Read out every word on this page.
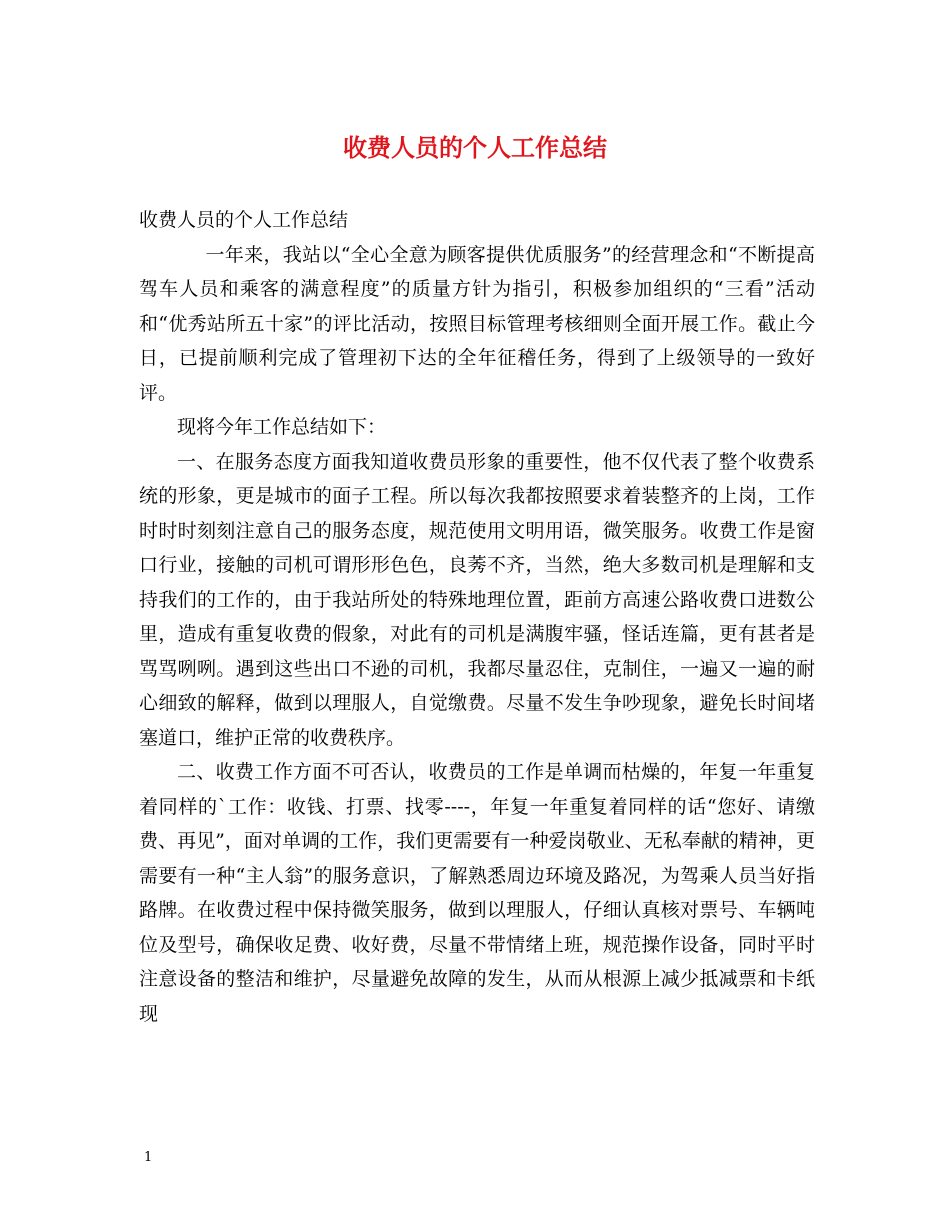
收费人员的个人工作总结

收费人员的个人工作总结

一年来，我站以“全心全意为顾客提供优质服务”的经营理念和“不断提高驾车人员和乘客的满意程度”的质量方针为指引，积极参加组织的“三看”活动和“优秀站所五十家”的评比活动，按照目标管理考核细则全面开展工作。截止今日，已提前顺利完成了管理初下达的全年征稽任务，得到了上级领导的一致好评。

现将今年工作总结如下：

一、在服务态度方面我知道收费员形象的重要性，他不仅代表了整个收费系统的形象，更是城市的面子工程。所以每次我都按照要求着装整齐的上岗，工作时时时刻刻注意自己的服务态度，规范使用文明用语，微笑服务。收费工作是窗口行业，接触的司机可谓形形色色，良莠不齐，当然，绝大多数司机是理解和支持我们的工作的，由于我站所处的特殊地理位置，距前方高速公路收费口进数公里，造成有重复收费的假象，对此有的司机是满腹牢骚，怪话连篇，更有甚者是骂骂咧咧。遇到这些出口不逊的司机，我都尽量忍住，克制住，一遍又一遍的耐心细致的解释，做到以理服人，自觉缴费。尽量不发生争吵现象，避免长时间堵塞道口，维护正常的收费秩序。

二、收费工作方面不可否认，收费员的工作是单调而枯燥的，年复一年重复着同样的`工作：收钱、打票、找零----，年复一年重复着同样的话“您好、请缴费、再见”，面对单调的工作，我们更需要有一种爱岗敬业、无私奉献的精神，更需要有一种“主人翁”的服务意识，了解熟悉周边环境及路况，为驾乘人员当好指路牌。在收费过程中保持微笑服务，做到以理服人，仔细认真核对票号、车辆吨位及型号，确保收足费、收好费，尽量不带情绪上班，规范操作设备，同时平时注意设备的整洁和维护，尽量避免故障的发生，从而从根源上减少抵减票和卡纸现

1
